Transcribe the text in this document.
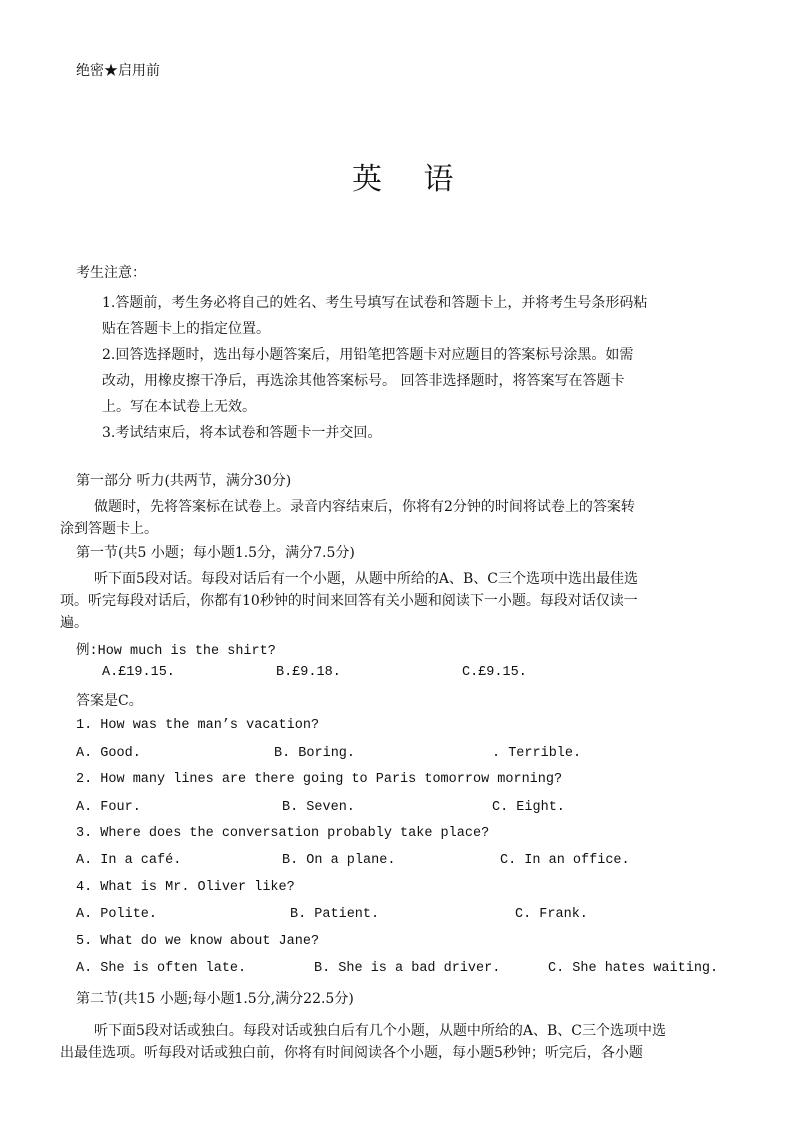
绝密★启用前
英 语
考生注意：
1.答题前，考生务必将自己的姓名、考生号填写在试卷和答题卡上，并将考生号条形码粘
贴在答题卡上的指定位置。
2.回答选择题时，选出每小题答案后，用铅笔把答题卡对应题目的答案标号涂黑。如需
改动，用橡皮擦干净后，再选涂其他答案标号。 回答非选择题时，将答案写在答题卡
上。写在本试卷上无效。
3.考试结束后，将本试卷和答题卡一并交回。
第一部分 听力(共两节，满分30分)
做题时，先将答案标在试卷上。录音内容结束后，你将有2分钟的时间将试卷上的答案转
涂到答题卡上。
第一节(共5 小题；每小题1.5分，满分7.5分)
听下面5段对话。每段对话后有一个小题，从题中所给的A、B、C三个选项中选出最佳选
项。听完每段对话后，你都有10秒钟的时间来回答有关小题和阅读下一小题。每段对话仅读一
遍。
例:How much is the shirt?
A.£19.15.	B.£9.18.	C.£9.15.
答案是C。
1. How was the man’s vacation?
A. Good.	B. Boring.	. Terrible.
2. How many lines are there going to Paris tomorrow morning?
A. Four.	B. Seven.	C. Eight.
3. Where does the conversation probably take place?
A. In a café.	B. On a plane.	C. In an office.
4. What is Mr. Oliver like?
A. Polite.	B. Patient.	C. Frank.
5. What do we know about Jane?
A. She is often late.	B. She is a bad driver.	C. She hates waiting.
第二节(共15 小题;每小题1.5分,满分22.5分)
听下面5段对话或独白。每段对话或独白后有几个小题，从题中所给的A、B、C三个选项中选
出最佳选项。听每段对话或独白前，你将有时间阅读各个小题，每小题5秒钟；听完后，各小题
